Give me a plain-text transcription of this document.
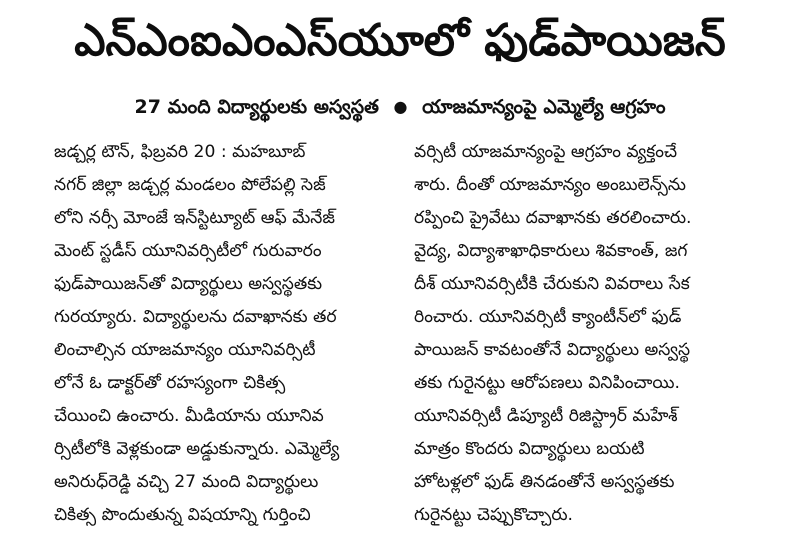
ఎన్‌ఎంఐఎంఎస్‌యూలో ఫుడ్‌పాయిజన్‌
27 మంది విద్యార్థులకు అస్వస్థత ● యాజమాన్యంపై ఎమ్మెల్యే ఆగ్రహం
జడ్చర్ల టౌన్‌, ఫిబ్రవరి 20 : మహబూబ్‌
నగర్‌ జిల్లా జడ్చర్ల మండలం పోలేపల్లి సెజ్‌
లోని నర్సీ మోంజే ఇన్‌స్టిట్యూట్‌ ఆఫ్‌ మేనేజ్‌
మెంట్‌ స్టడీస్‌ యూనివర్సిటీలో గురువారం
ఫుడ్‌పాయిజన్‌తో విద్యార్థులు అస్వస్థతకు
గురయ్యారు. విద్యార్థులను దవాఖానకు తర
లించాల్సిన యాజమాన్యం యూనివర్సిటీ
లోనే ఓ డాక్టర్‌తో రహస్యంగా చికిత్స
చేయించి ఉంచారు. మీడియాను యూనివ
ర్సిటీలోకి వెళ్లకుండా అడ్డుకున్నారు. ఎమ్మెల్యే
అనిరుధ్‌రెడ్డి వచ్చి 27 మంది విద్యార్థులు
చికిత్స పొందుతున్న విషయాన్ని గుర్తించి
వర్సిటీ యాజమాన్యంపై ఆగ్రహం వ్యక్తంచే
శారు. దీంతో యాజమాన్యం అంబులెన్స్‌ను
రప్పించి ప్రైవేటు దవాఖానకు తరలించారు.
వైద్య, విద్యాశాఖాధికారులు శివకాంత్‌, జగ
దీశ్‌ యూనివర్సిటీకి చేరుకుని వివరాలు సేక
రించారు. యూనివర్సిటీ క్యాంటీన్‌లో ఫుడ్‌
పాయిజన్‌ కావటంతోనే విద్యార్థులు అస్వస్థ
తకు గురైనట్టు ఆరోపణలు వినిపించాయి.
యూనివర్సిటీ డిప్యూటీ రిజిస్ట్రార్‌ మహేశ్‌
మాత్రం కొందరు విద్యార్థులు బయటి
హోటళ్లలో ఫుడ్‌ తినడంతోనే అస్వస్థతకు
గురైనట్టు చెప్పుకొచ్చారు.
